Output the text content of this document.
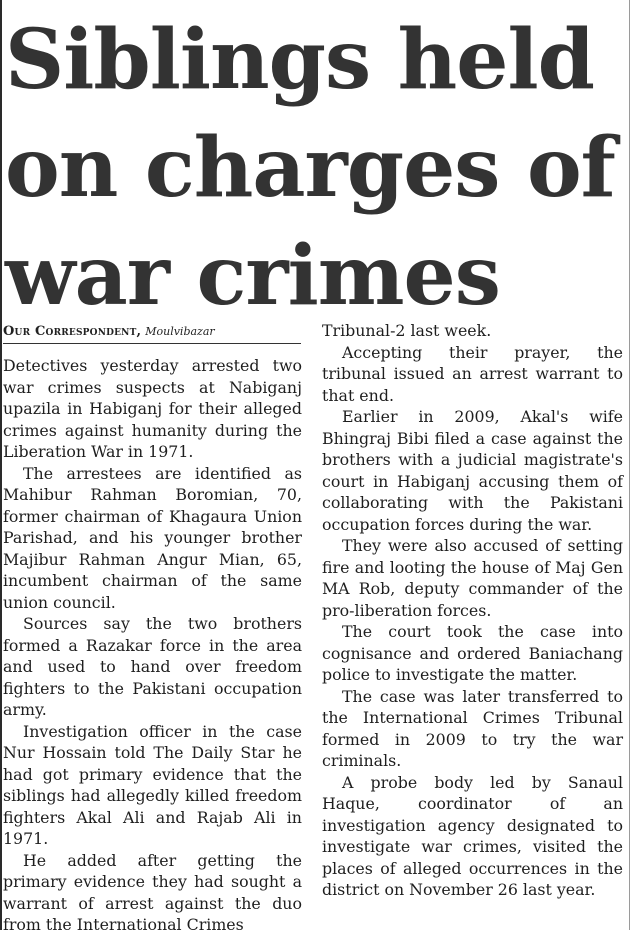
Siblings held on charges of war crimes
Our Correspondent, Moulvibazar

Detectives yesterday arrested two war crimes suspects at Nabiganj upazila in Habiganj for their alleged crimes against humanity during the Liberation War in 1971.

The arrestees are identified as Mahibur Rahman Boromian, 70, former chairman of Khagaura Union Parishad, and his younger brother Majibur Rahman Angur Mian, 65, incumbent chairman of the same union council.

Sources say the two brothers formed a Razakar force in the area and used to hand over freedom fighters to the Pakistani occupation army.

Investigation officer in the case Nur Hossain told The Daily Star he had got primary evidence that the siblings had allegedly killed freedom fighters Akal Ali and Rajab Ali in 1971.

He added after getting the primary evidence they had sought a warrant of arrest against the duo from the International Crimes

Tribunal-2 last week.

Accepting their prayer, the tribunal issued an arrest warrant to that end.

Earlier in 2009, Akal's wife Bhingraj Bibi filed a case against the brothers with a judicial magistrate's court in Habiganj accusing them of collaborating with the Pakistani occupation forces during the war.

They were also accused of setting fire and looting the house of Maj Gen MA Rob, deputy commander of the pro-liberation forces.

The court took the case into cognisance and ordered Baniachang police to investigate the matter.

The case was later transferred to the International Crimes Tribunal formed in 2009 to try the war criminals.

A probe body led by Sanaul Haque, coordinator of an investigation agency designated to investigate war crimes, visited the places of alleged occurrences in the district on November 26 last year.
